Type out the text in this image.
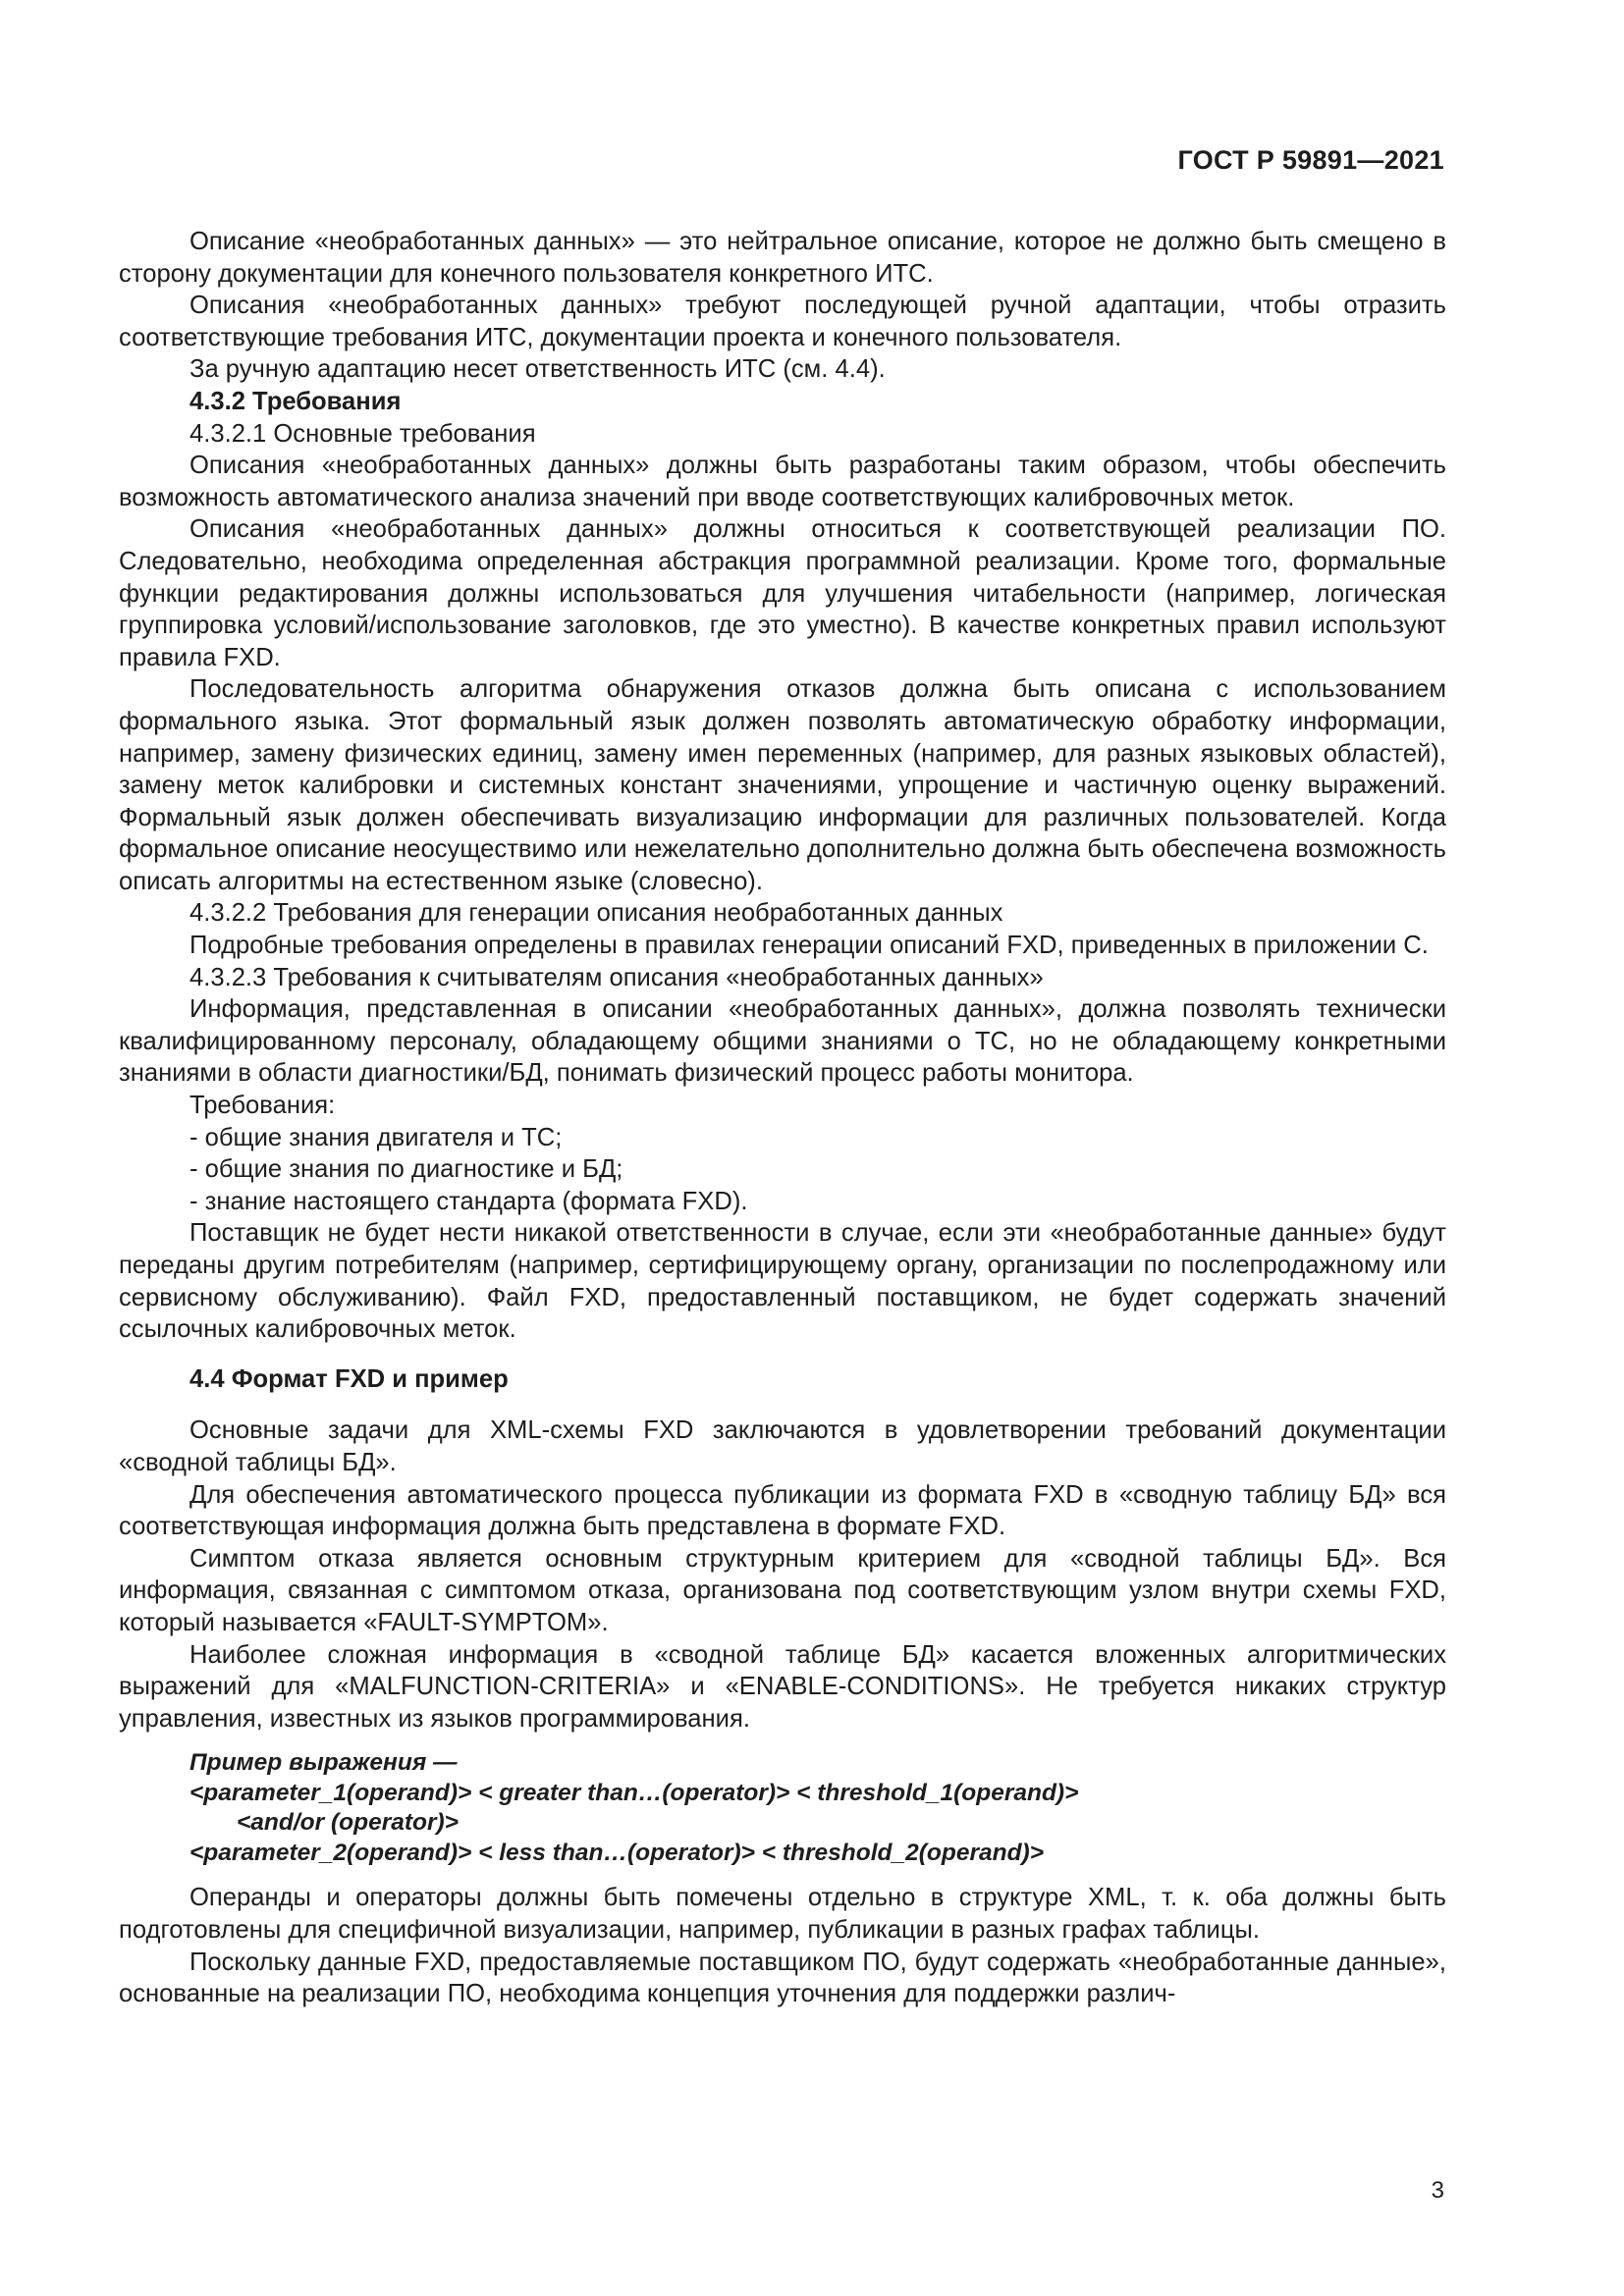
ГОСТ Р 59891—2021

Описание «необработанных данных» — это нейтральное описание, которое не должно быть смещено в сторону документации для конечного пользователя конкретного ИТС.

Описания «необработанных данных» требуют последующей ручной адаптации, чтобы отразить соответствующие требования ИТС, документации проекта и конечного пользователя.

За ручную адаптацию несет ответственность ИТС (см. 4.4).

4.3.2 Требования

4.3.2.1 Основные требования

Описания «необработанных данных» должны быть разработаны таким образом, чтобы обеспечить возможность автоматического анализа значений при вводе соответствующих калибровочных меток.

Описания «необработанных данных» должны относиться к соответствующей реализации ПО. Следовательно, необходима определенная абстракция программной реализации. Кроме того, формальные функции редактирования должны использоваться для улучшения читабельности (например, логическая группировка условий/использование заголовков, где это уместно). В качестве конкретных правил используют правила FXD.

Последовательность алгоритма обнаружения отказов должна быть описана с использованием формального языка. Этот формальный язык должен позволять автоматическую обработку информации, например, замену физических единиц, замену имен переменных (например, для разных языковых областей), замену меток калибровки и системных констант значениями, упрощение и частичную оценку выражений. Формальный язык должен обеспечивать визуализацию информации для различных пользователей. Когда формальное описание неосуществимо или нежелательно дополнительно должна быть обеспечена возможность описать алгоритмы на естественном языке (словесно).

4.3.2.2 Требования для генерации описания необработанных данных

Подробные требования определены в правилах генерации описаний FXD, приведенных в приложении С.

4.3.2.3 Требования к считывателям описания «необработанных данных»

Информация, представленная в описании «необработанных данных», должна позволять технически квалифицированному персоналу, обладающему общими знаниями о ТС, но не обладающему конкретными знаниями в области диагностики/БД, понимать физический процесс работы монитора.

Требования:

- общие знания двигателя и ТС;

- общие знания по диагностике и БД;

- знание настоящего стандарта (формата FXD).

Поставщик не будет нести никакой ответственности в случае, если эти «необработанные данные» будут переданы другим потребителям (например, сертифицирующему органу, организации по послепродажному или сервисному обслуживанию). Файл FXD, предоставленный поставщиком, не будет содержать значений ссылочных калибровочных меток.

4.4 Формат FXD и пример

Основные задачи для XML-схемы FXD заключаются в удовлетворении требований документации «сводной таблицы БД».

Для обеспечения автоматического процесса публикации из формата FXD в «сводную таблицу БД» вся соответствующая информация должна быть представлена в формате FXD.

Симптом отказа является основным структурным критерием для «сводной таблицы БД». Вся информация, связанная с симптомом отказа, организована под соответствующим узлом внутри схемы FXD, который называется «FAULT-SYMPTOM».

Наиболее сложная информация в «сводной таблице БД» касается вложенных алгоритмических выражений для «MALFUNCTION-CRITERIA» и «ENABLE-CONDITIONS». Не требуется никаких структур управления, известных из языков программирования.

Пример выражения —
<parameter_1(operand)> < greater than…(operator)> < threshold_1(operand)>
<and/or (operator)>
<parameter_2(operand)> < less than…(operator)> < threshold_2(operand)>

Операнды и операторы должны быть помечены отдельно в структуре XML, т. к. оба должны быть подготовлены для специфичной визуализации, например, публикации в разных графах таблицы.

Поскольку данные FXD, предоставляемые поставщиком ПО, будут содержать «необработанные данные», основанные на реализации ПО, необходима концепция уточнения для поддержки различ-

3
